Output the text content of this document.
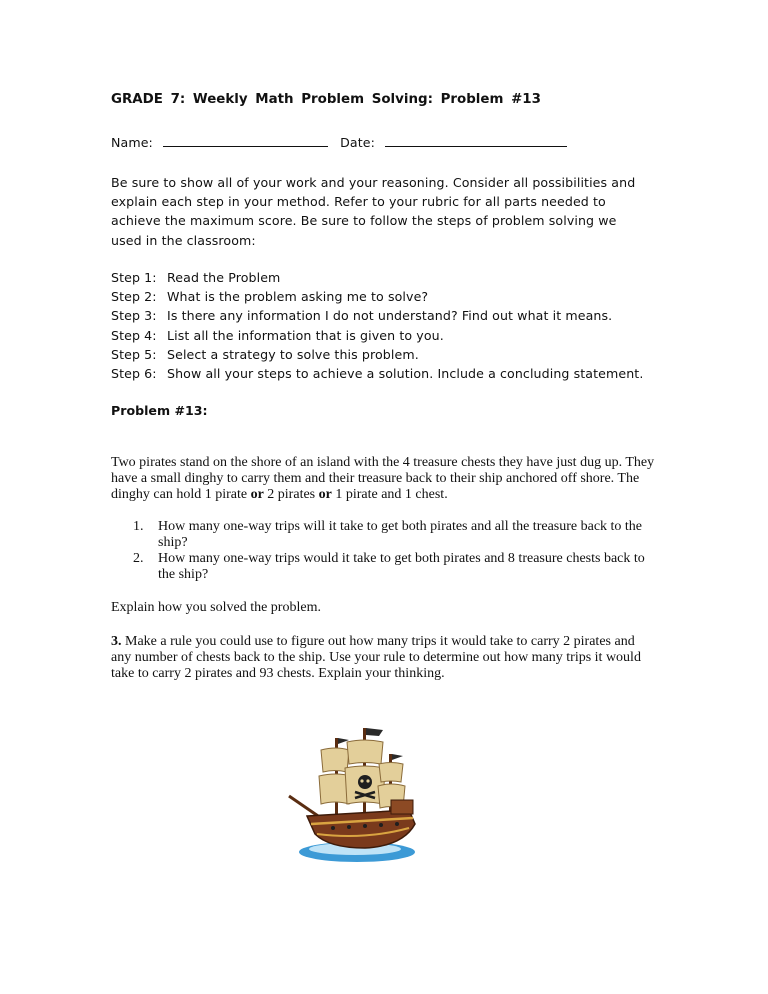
GRADE 7: Weekly Math Problem Solving: Problem #13
Name:	Date:
Be sure to show all of your work and your reasoning. Consider all possibilities and explain each step in your method. Refer to your rubric for all parts needed to achieve the maximum score. Be sure to follow the steps of problem solving we used in the classroom:
Step 1: Read the Problem
Step 2: What is the problem asking me to solve?
Step 3: Is there any information I do not understand? Find out what it means.
Step 4: List all the information that is given to you.
Step 5: Select a strategy to solve this problem.
Step 6: Show all your steps to achieve a solution. Include a concluding statement.
Problem #13:
Two pirates stand on the shore of an island with the 4 treasure chests they have just dug up. They have a small dinghy to carry them and their treasure back to their ship anchored off shore. The dinghy can hold 1 pirate or 2 pirates or 1 pirate and 1 chest.
1.	How many one-way trips will it take to get both pirates and all the treasure back to the ship?
2.	How many one-way trips would it take to get both pirates and 8 treasure chests back to the ship?
Explain how you solved the problem.
3. Make a rule you could use to figure out how many trips it would take to carry 2 pirates and any number of chests back to the ship. Use your rule to determine out how many trips it would take to carry 2 pirates and 93 chests. Explain your thinking.
